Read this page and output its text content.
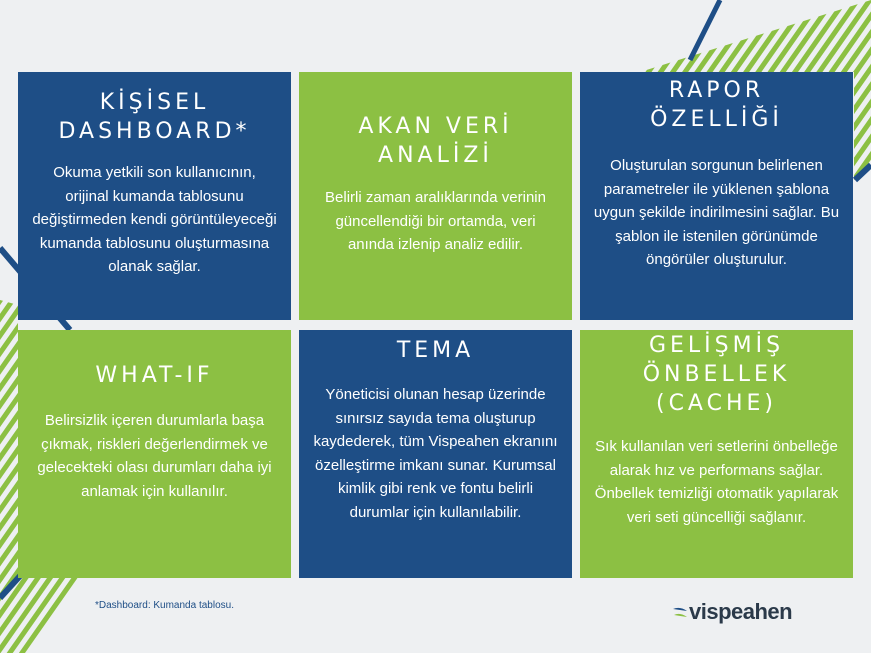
KİŞİSEL
DASHBOARD*
Okuma yetkili son kullanıcının, orijinal kumanda tablosunu değiştirmeden kendi görüntüleyeceği kumanda tablosunu oluşturmasına olanak sağlar.
AKAN VERİ
ANALİZİ
Belirli zaman aralıklarında verinin güncellendiği bir ortamda, veri anında izlenip analiz edilir.
RAPOR
ÖZELLİĞİ
Oluşturulan sorgunun belirlenen parametreler ile yüklenen şablona uygun şekilde indirilmesini sağlar. Bu şablon ile istenilen görünümde öngörüler oluşturulur.
WHAT-IF
Belirsizlik içeren durumlarla başa çıkmak, riskleri değerlendirmek ve gelecekteki olası durumları daha iyi anlamak için kullanılır.
TEMA
Yöneticisi olunan hesap üzerinde sınırsız sayıda tema oluşturup kaydederek, tüm Vispeahen ekranını özelleştirme imkanı sunar. Kurumsal kimlik gibi renk ve fontu belirli durumlar için kullanılabilir.
GELİŞMİŞ
ÖNBELLEK
(CACHE)
Sık kullanılan veri setlerini önbelleğe alarak hız ve performans sağlar. Önbellek temizliği otomatik yapılarak veri seti güncelliği sağlanır.
*Dashboard: Kumanda tablosu.	vispeahen
